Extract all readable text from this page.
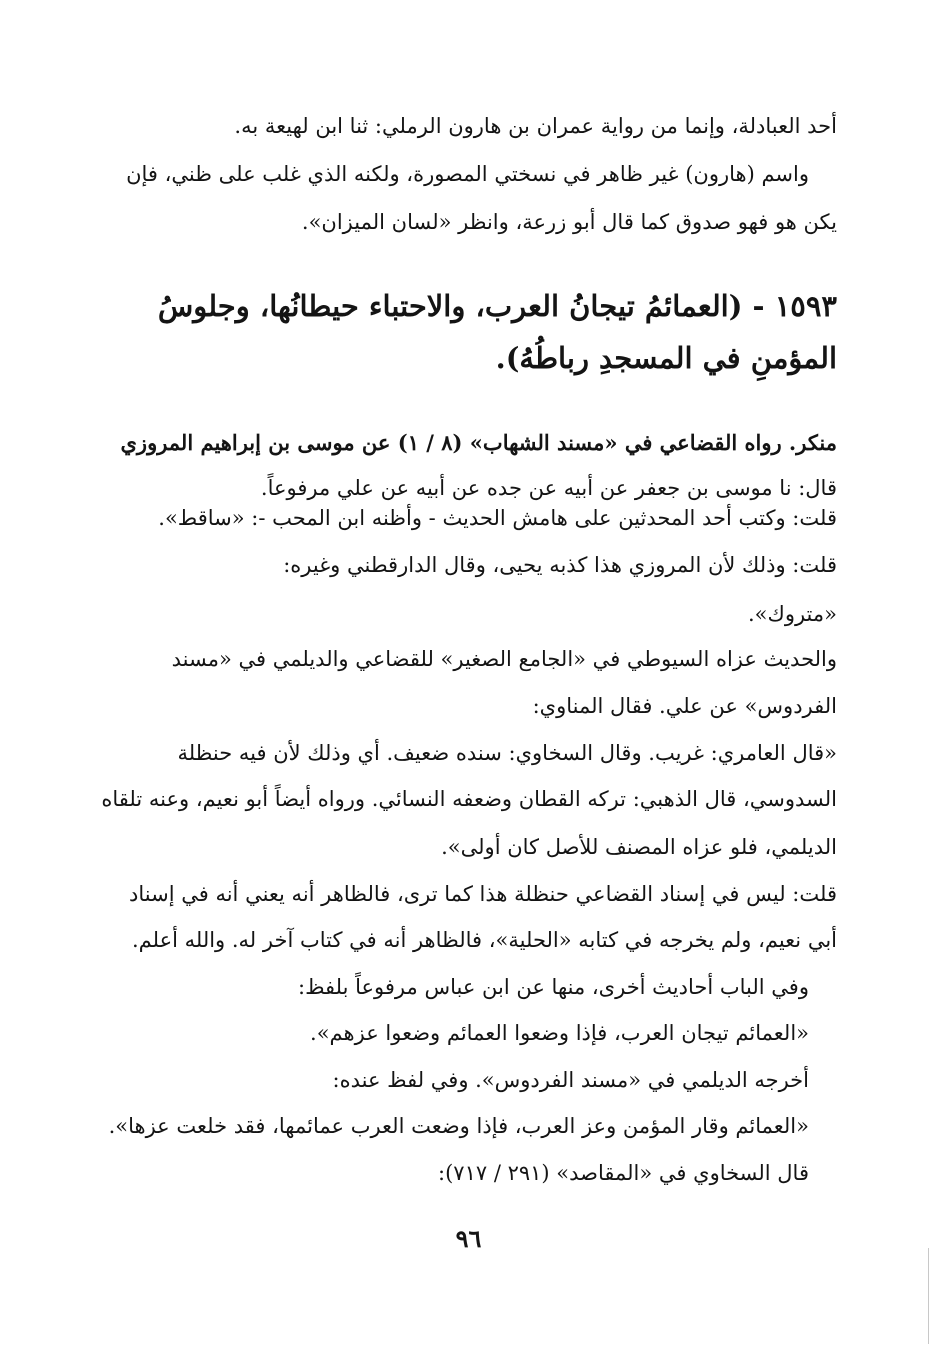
أحد العبادلة، وإنما من رواية عمران بن هارون الرملي: ثنا ابن لهيعة به.
واسم (هارون) غير ظاهر في نسختي المصورة، ولكنه الذي غلب على ظني، فإن
يكن هو فهو صدوق كما قال أبو زرعة، وانظر «لسان الميزان».
١٥٩٣ - (العمائمُ تيجانُ العرب، والاحتباء حيطانُها، وجلوسُ
المؤمنِ في المسجدِ رباطُهُ).
منكر. رواه القضاعي في «مسند الشهاب» (٨ / ١) عن موسى بن إبراهيم المروزي
قال: نا موسى بن جعفر عن أبيه عن جده عن أبيه عن علي مرفوعاً.
قلت: وكتب أحد المحدثين على هامش الحديث - وأظنه ابن المحب -: «ساقط».
قلت: وذلك لأن المروزي هذا كذبه يحيى، وقال الدارقطني وغيره:
«متروك».
والحديث عزاه السيوطي في «الجامع الصغير» للقضاعي والديلمي في «مسند
الفردوس» عن علي. فقال المناوي:
«قال العامري: غريب. وقال السخاوي: سنده ضعيف. أي وذلك لأن فيه حنظلة
السدوسي، قال الذهبي: تركه القطان وضعفه النسائي. ورواه أيضاً أبو نعيم، وعنه تلقاه
الديلمي، فلو عزاه المصنف للأصل كان أولى».
قلت: ليس في إسناد القضاعي حنظلة هذا كما ترى، فالظاهر أنه يعني أنه في إسناد
أبي نعيم، ولم يخرجه في كتابه «الحلية»، فالظاهر أنه في كتاب آخر له. والله أعلم.
وفي الباب أحاديث أخرى، منها عن ابن عباس مرفوعاً بلفظ:
«العمائم تيجان العرب، فإذا وضعوا العمائم وضعوا عزهم».
أخرجه الديلمي في «مسند الفردوس». وفي لفظ عنده:
«العمائم وقار المؤمن وعز العرب، فإذا وضعت العرب عمائمها، فقد خلعت عزها».
قال السخاوي في «المقاصد» (٢٩١ / ٧١٧):
٩٦
